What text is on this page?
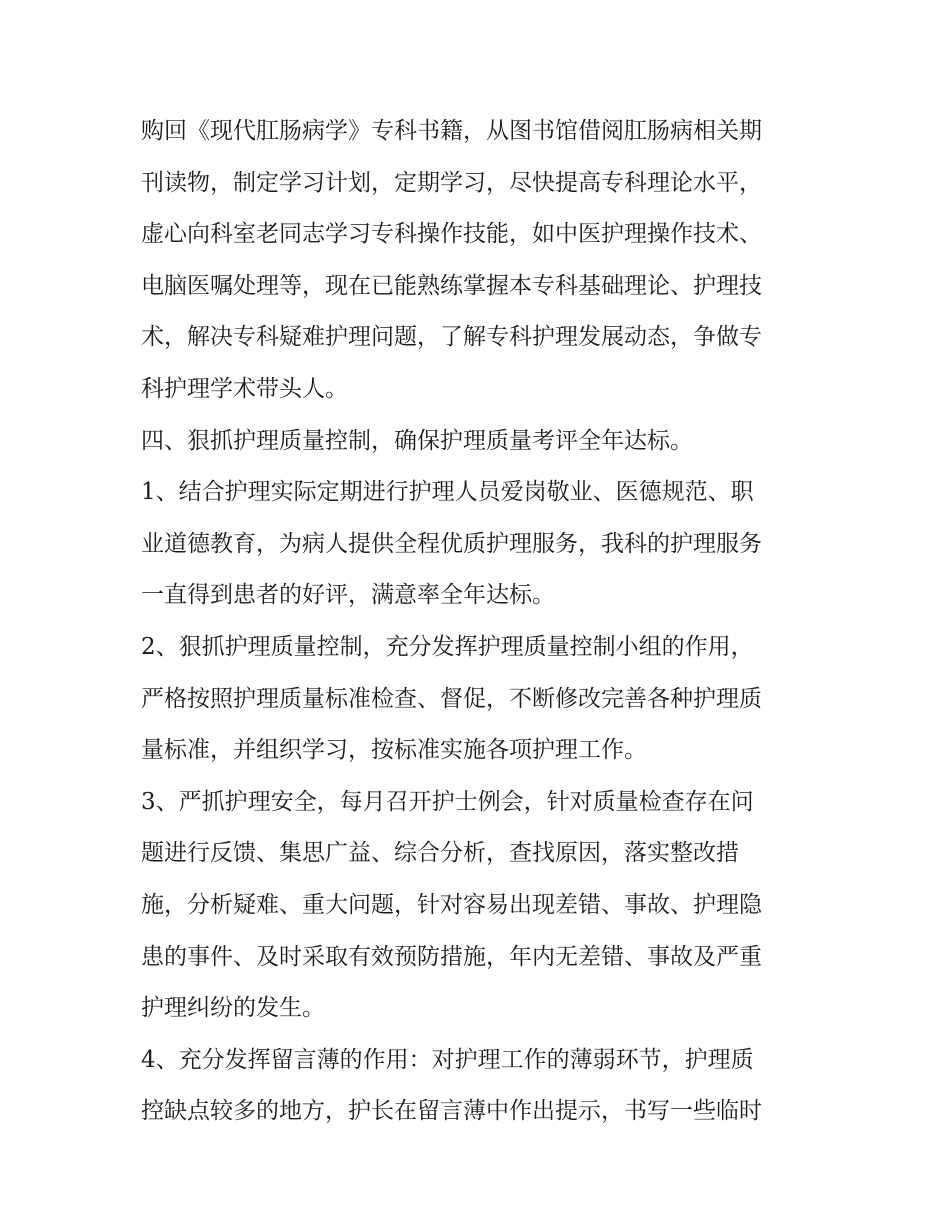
购回《现代肛肠病学》专科书籍，从图书馆借阅肛肠病相关期
刊读物，制定学习计划，定期学习，尽快提高专科理论水平，
虚心向科室老同志学习专科操作技能，如中医护理操作技术、
电脑医嘱处理等，现在已能熟练掌握本专科基础理论、护理技
术，解决专科疑难护理问题，了解专科护理发展动态，争做专
科护理学术带头人。
四、狠抓护理质量控制，确保护理质量考评全年达标。
1、结合护理实际定期进行护理人员爱岗敬业、医德规范、职
业道德教育，为病人提供全程优质护理服务，我科的护理服务
一直得到患者的好评，满意率全年达标。
2、狠抓护理质量控制，充分发挥护理质量控制小组的作用，
严格按照护理质量标准检查、督促，不断修改完善各种护理质
量标准，并组织学习，按标准实施各项护理工作。
3、严抓护理安全，每月召开护士例会，针对质量检查存在问
题进行反馈、集思广益、综合分析，查找原因，落实整改措
施，分析疑难、重大问题，针对容易出现差错、事故、护理隐
患的事件、及时采取有效预防措施，年内无差错、事故及严重
护理纠纷的发生。
4、充分发挥留言薄的作用：对护理工作的薄弱环节，护理质
控缺点较多的地方，护长在留言薄中作出提示，书写一些临时
